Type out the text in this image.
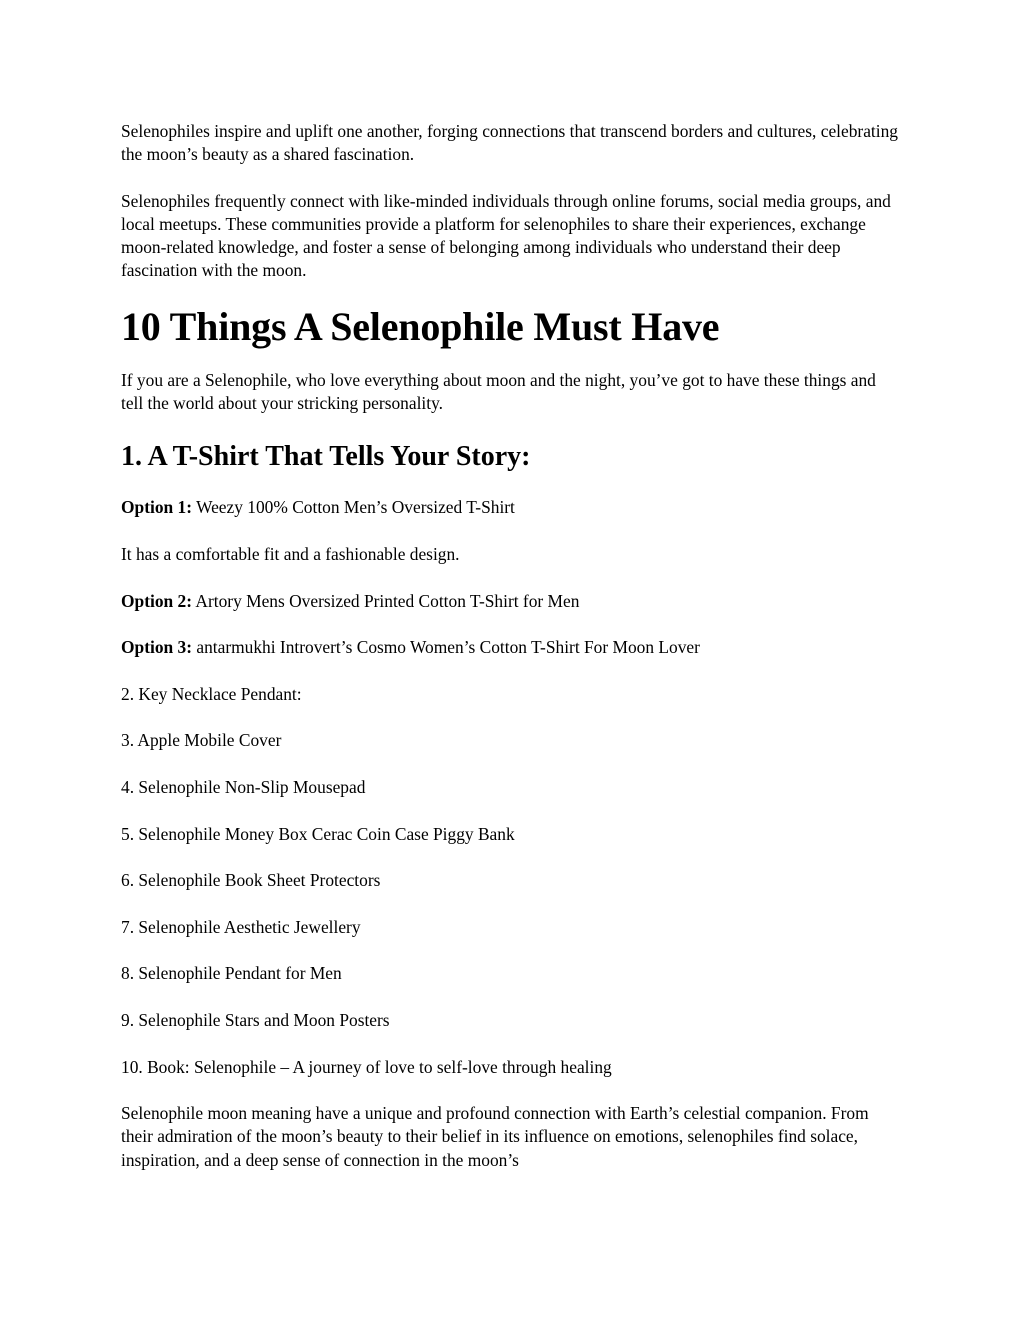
Selenophiles inspire and uplift one another, forging connections that transcend borders and cultures, celebrating the moon’s beauty as a shared fascination.

Selenophiles frequently connect with like-minded individuals through online forums, social media groups, and local meetups. These communities provide a platform for selenophiles to share their experiences, exchange moon-related knowledge, and foster a sense of belonging among individuals who understand their deep fascination with the moon.

10 Things A Selenophile Must Have

If you are a Selenophile, who love everything about moon and the night, you’ve got to have these things and tell the world about your stricking personality.

1. A T-Shirt That Tells Your Story:

Option 1: Weezy 100% Cotton Men’s Oversized T-Shirt

It has a comfortable fit and a fashionable design.

Option 2: Artory Mens Oversized Printed Cotton T-Shirt for Men

Option 3: antarmukhi Introvert’s Cosmo Women’s Cotton T-Shirt For Moon Lover

2. Key Necklace Pendant:

3. Apple Mobile Cover

4. Selenophile Non-Slip Mousepad

5. Selenophile Money Box Cerac Coin Case Piggy Bank

6. Selenophile Book Sheet Protectors

7. Selenophile Aesthetic Jewellery

8. Selenophile Pendant for Men

9. Selenophile Stars and Moon Posters

10. Book: Selenophile – A journey of love to self-love through healing

Selenophile moon meaning have a unique and profound connection with Earth’s celestial companion. From their admiration of the moon’s beauty to their belief in its influence on emotions, selenophiles find solace, inspiration, and a deep sense of connection in the moon’s
